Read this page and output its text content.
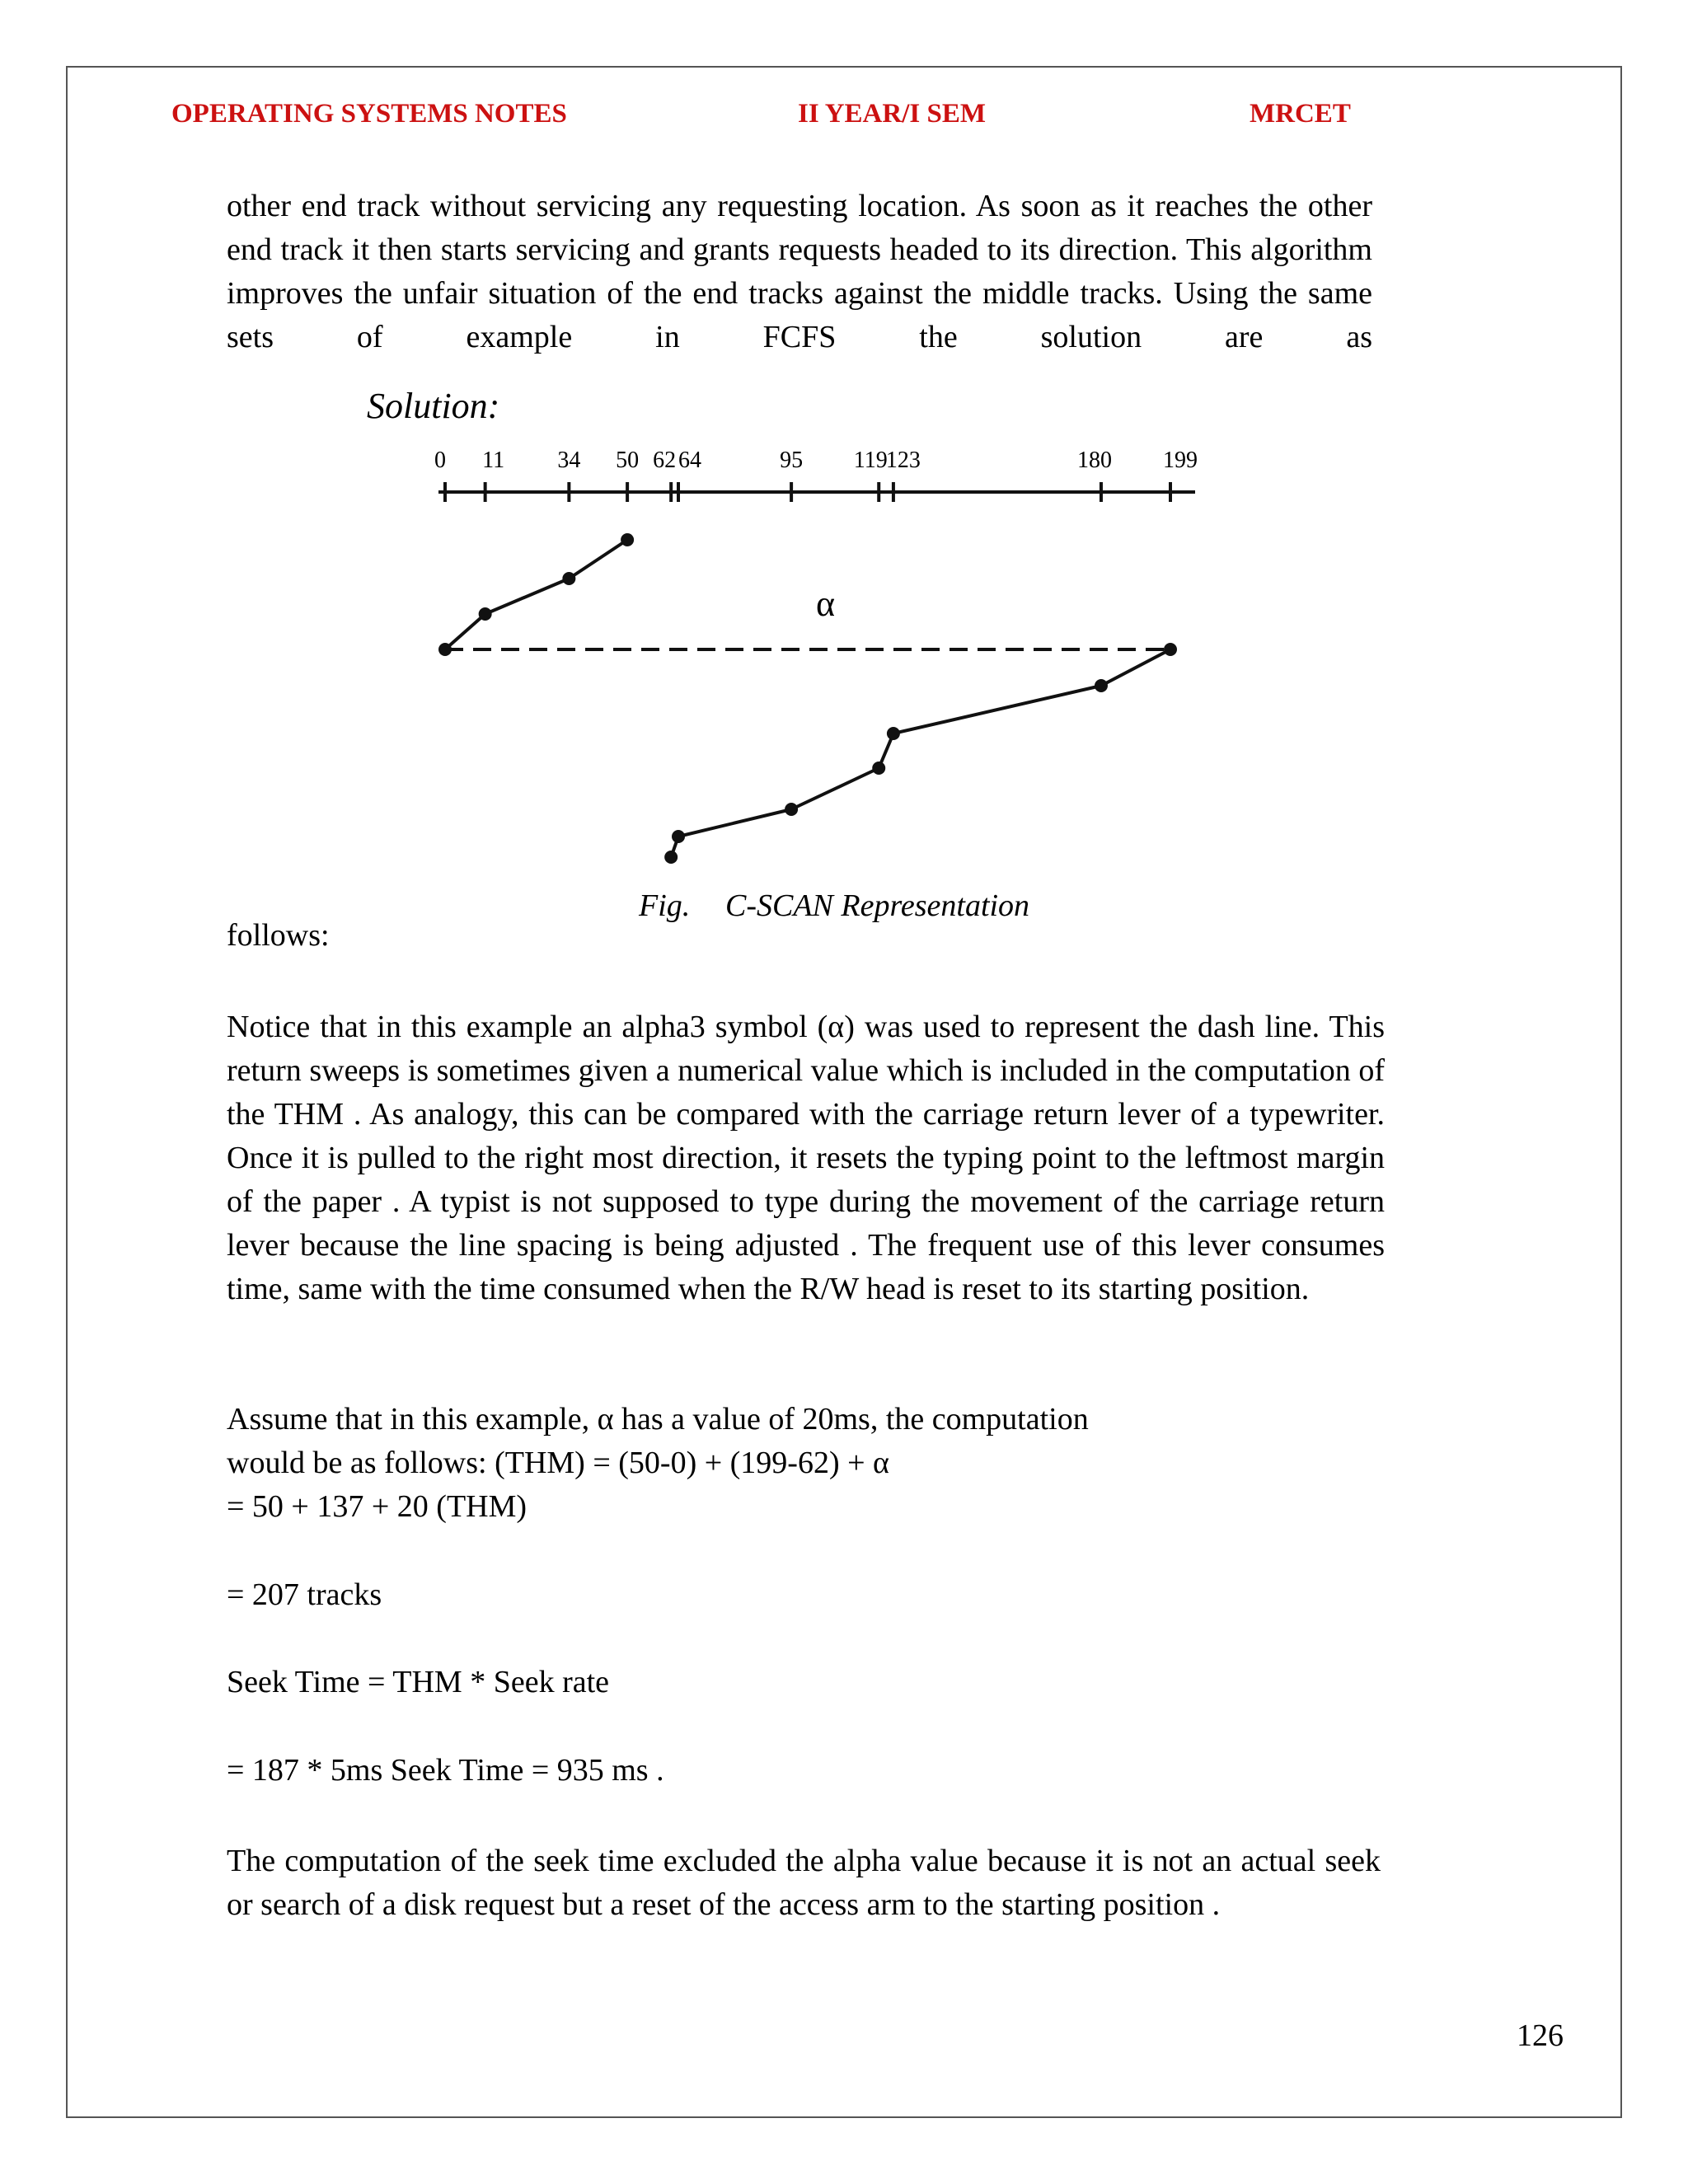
OPERATING SYSTEMS NOTES	II YEAR/I SEM	MRCET

other end track without servicing any requesting location. As soon as it reaches the other end track it then starts servicing and grants requests headed to its direction. This algorithm improves the unfair situation of the end tracks against the middle tracks. Using the same sets of example in FCFS the solution are as

Solution:
0 11 34 50 62 64	95 119
123	180 199
α
Fig. C-SCAN Representation
follows:

Notice that in this example an alpha3 symbol (α) was used to represent the dash line. This return sweeps is sometimes given a numerical value which is included in the computation of the THM . As analogy, this can be compared with the carriage return lever of a typewriter. Once it is pulled to the right most direction, it resets the typing point to the leftmost margin of the paper . A typist is not supposed to type during the movement of the carriage return lever because the line spacing is being adjusted . The frequent use of this lever consumes time, same with the time consumed when the R/W head is reset to its starting position.

Assume that in this example, α has a value of 20ms, the computation
would be as follows: (THM) = (50-0) + (199-62) + α
= 50 + 137 + 20 (THM)
= 207 tracks
Seek Time = THM * Seek rate
= 187 * 5ms Seek Time = 935 ms .

The computation of the seek time excluded the alpha value because it is not an actual seek or search of a disk request but a reset of the access arm to the starting position .

126
